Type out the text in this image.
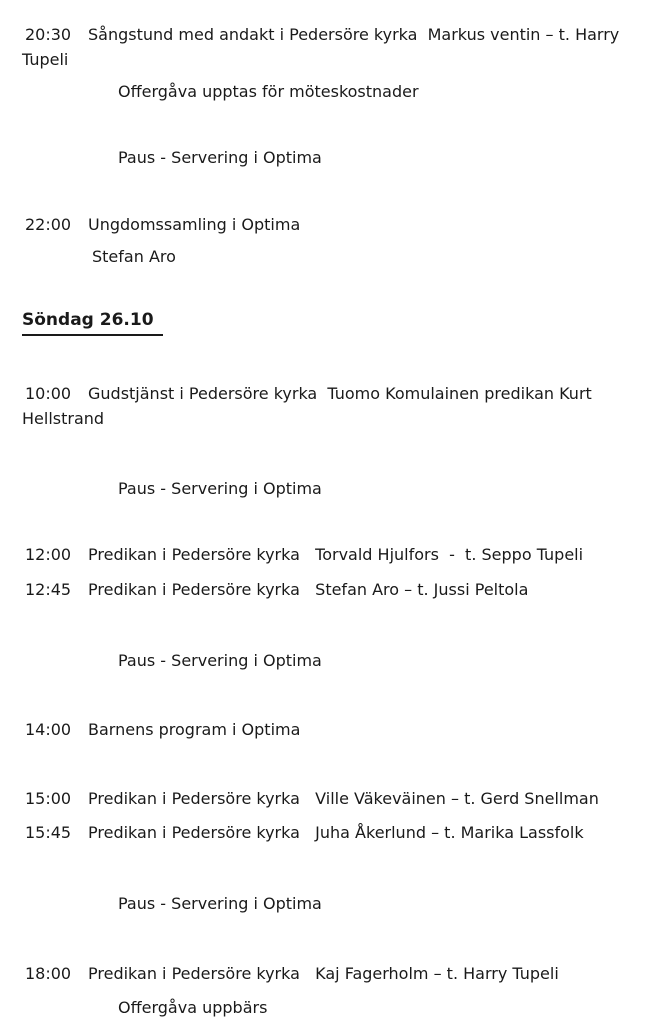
20:30 Sångstund med andakt i Pedersöre kyrka  Markus ventin – t. Harry
Tupeli
Offergåva upptas för möteskostnader
Paus - Servering i Optima
22:00 Ungdomssamling i Optima
Stefan Aro
Söndag 26.10
10:00 Gudstjänst i Pedersöre kyrka  Tuomo Komulainen predikan Kurt
Hellstrand
Paus - Servering i Optima
12:00 Predikan i Pedersöre kyrka   Torvald Hjulfors  -  t. Seppo Tupeli
12:45 Predikan i Pedersöre kyrka   Stefan Aro – t. Jussi Peltola
Paus - Servering i Optima
14:00 Barnens program i Optima
15:00 Predikan i Pedersöre kyrka   Ville Väkeväinen – t. Gerd Snellman
15:45 Predikan i Pedersöre kyrka   Juha Åkerlund – t. Marika Lassfolk
Paus - Servering i Optima
18:00 Predikan i Pedersöre kyrka   Kaj Fagerholm – t. Harry Tupeli
Offergåva uppbärs
